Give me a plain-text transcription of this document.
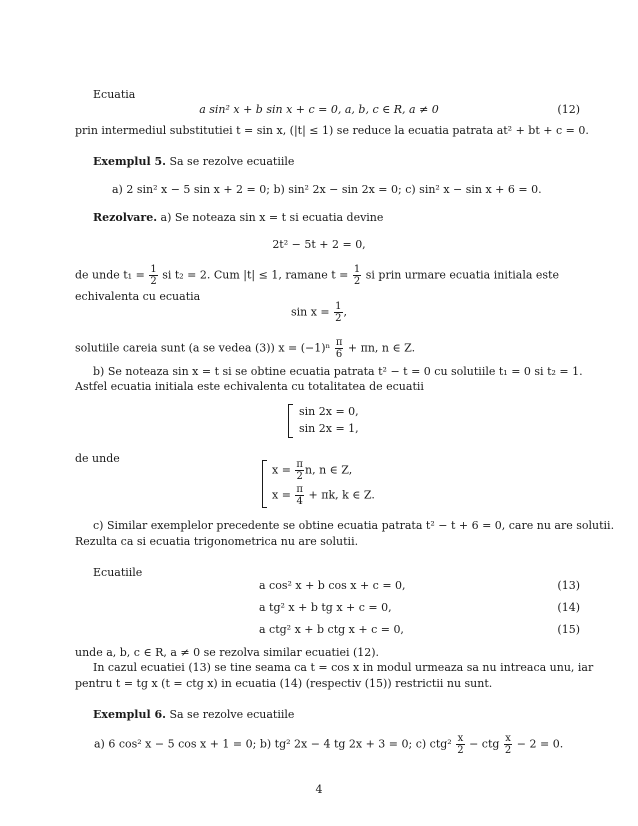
Ecuatia
a sin² x + b sin x + c = 0, a, b, c ∈ R, a ≠ 0	(12)
prin intermediul substitutiei t = sin x, (|t| ≤ 1) se reduce la ecuatia patrata at² + bt + c = 0.
Exemplul 5. Sa se rezolve ecuatiile
a) 2 sin² x − 5 sin x + 2 = 0; b) sin² 2x − sin 2x = 0; c) sin² x − sin x + 6 = 0.
Rezolvare. a) Se noteaza sin x = t si ecuatia devine
2t² − 5t + 2 = 0,
de unde $t_1 = \frac{1}{2}$ si t₂ = 2. Cum |t| ≤ 1, ramane $t = \frac{1}{2}$ si prin urmare ecuatia initiala este
echivalenta cu ecuatia
$\sin x = \frac{1}{2}$ ,
solutiile careia sunt (a se vedea (3)) $x = (-1)^n \frac{\pi}{6} + \pi n$, n ∈ Z.
b) Se noteaza sin x = t si se obtine ecuatia patrata t² − t = 0 cu solutiile t₁ = 0 si t₂ = 1.
Astfel ecuatia initiala este echivalenta cu totalitatea de ecuatii
sin 2x = 0,
sin 2x = 1,
de unde
$x = \frac{\pi}{2} n$, n ∈ Z,
$x = \frac{\pi}{4} + \pi k$, k ∈ Z.
c) Similar exemplelor precedente se obtine ecuatia patrata t² − t + 6 = 0, care nu are solutii.
Rezulta ca si ecuatia trigonometrica nu are solutii.
Ecuatiile
a cos² x + b cos x + c = 0,	(13)
a tg² x + b tg x + c = 0,	(14)
a ctg² x + b ctg x + c = 0,	(15)
unde a, b, c ∈ R, a ≠ 0 se rezolva similar ecuatiei (12).
In cazul ecuatiei (13) se tine seama ca t = cos x in modul urmeaza sa nu intreaca unu, iar
pentru t = tg x (t = ctg x) in ecuatia (14) (respectiv (15)) restrictii nu sunt.
Exemplul 6. Sa se rezolve ecuatiile
a) 6 cos² x − 5 cos x + 1 = 0; b) tg² 2x − 4 tg 2x + 3 = 0; c) $ctg^2 \frac{x}{2}$ − ctg $\frac{x}{2} - 2 = 0$.
4
